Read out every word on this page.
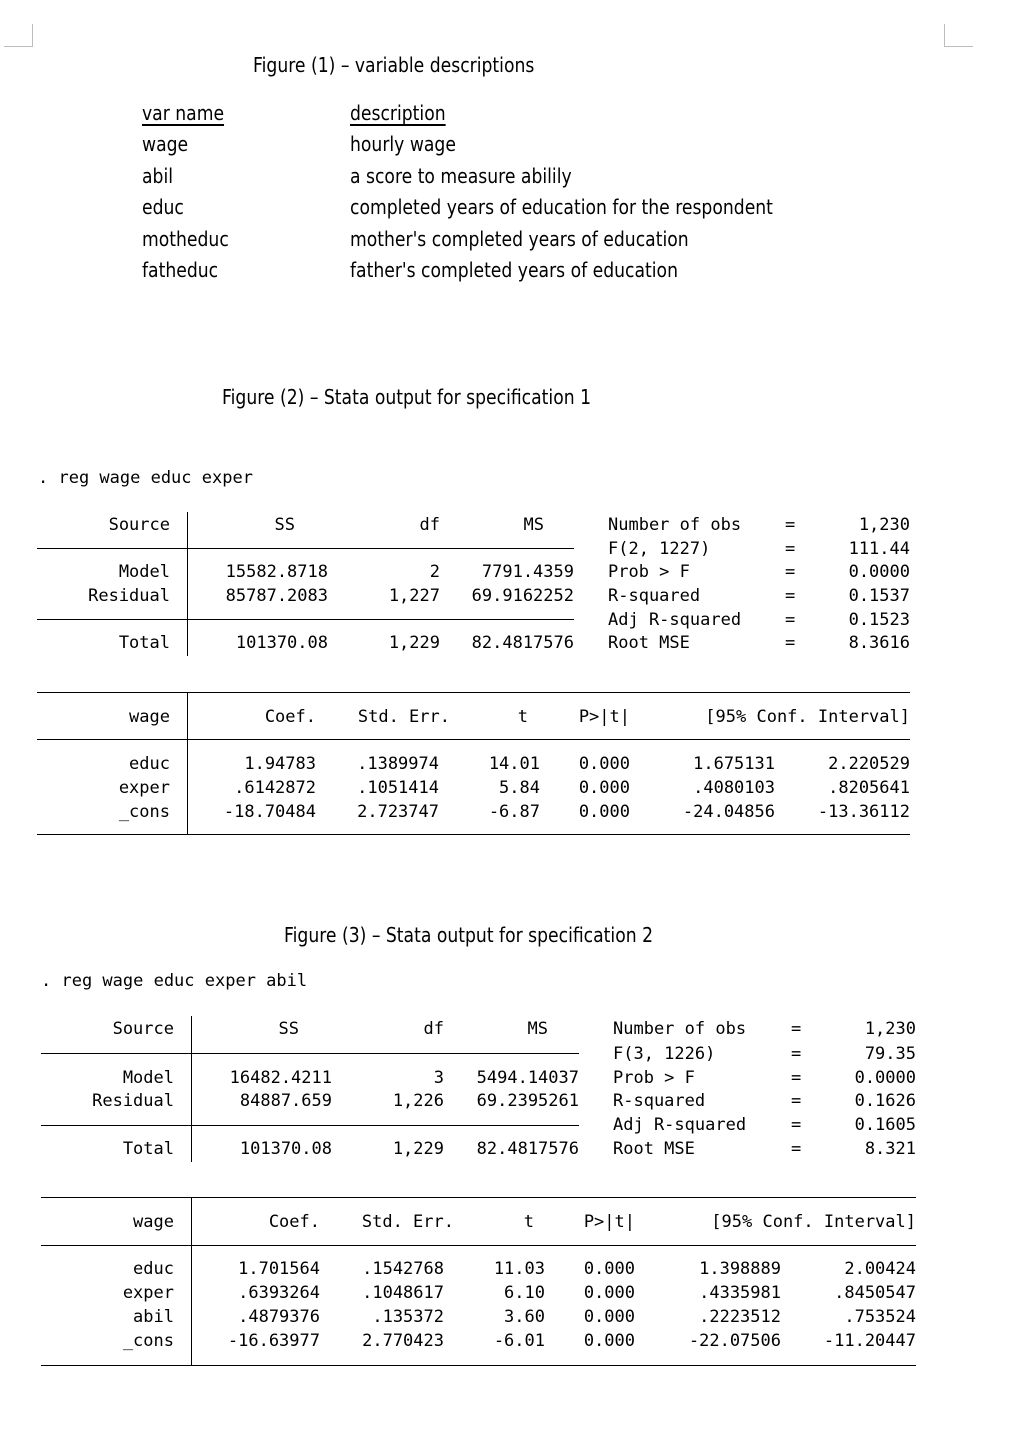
Figure (1) – variable descriptions
var name	description
wage	hourly wage
abil	a score to measure abilily
educ	completed years of education for the respondent
motheduc	mother's completed years of education
fatheduc	father's completed years of education
Figure (2) – Stata output for specification 1
. reg wage educ exper
Source	SS	df	MS
Model	15582.8718	2	7791.4359
Residual	85787.2083	1,227	69.9162252
Total	101370.08	1,229	82.4817576
Number of obs	=	1,230
F(2, 1227)	=	111.44
Prob > F	=	0.0000
R-squared	=	0.1537
Adj R-squared	=	0.1523
Root MSE	=	8.3616
wage	Coef.	Std. Err.	t	P>|t|	[95% Conf. Interval]
educ	1.94783	.1389974	14.01	0.000	1.675131	2.220529
exper	.6142872	.1051414	5.84	0.000	.4080103	.8205641
_cons	-18.70484	2.723747	-6.87	0.000	-24.04856	-13.36112
Figure (3) – Stata output for specification 2
. reg wage educ exper abil
Source	SS	df	MS
Model	16482.4211	3	5494.14037
Residual	84887.659	1,226	69.2395261
Total	101370.08	1,229	82.4817576
Number of obs	=	1,230
F(3, 1226)	=	79.35
Prob > F	=	0.0000
R-squared	=	0.1626
Adj R-squared	=	0.1605
Root MSE	=	8.321
wage	Coef.	Std. Err.	t	P>|t|	[95% Conf. Interval]
educ	1.701564	.1542768	11.03	0.000	1.398889	2.00424
exper	.6393264	.1048617	6.10	0.000	.4335981	.8450547
abil	.4879376	.135372	3.60	0.000	.2223512	.753524
_cons	-16.63977	2.770423	-6.01	0.000	-22.07506	-11.20447
